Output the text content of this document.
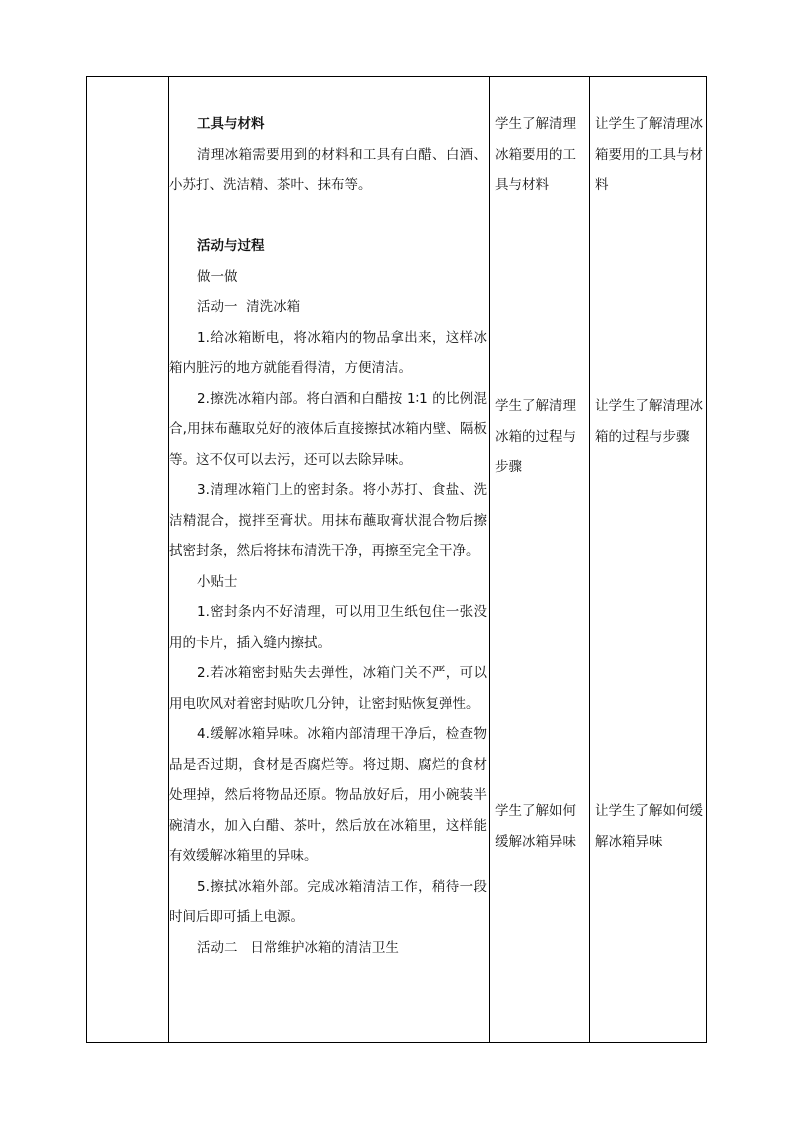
工具与材料

清理冰箱需要用到的材料和工具有白醋、白酒、小苏打、洗洁精、茶叶、抹布等。

活动与过程

做一做

活动一  清洗冰箱

1.给冰箱断电，将冰箱内的物品拿出来，这样冰箱内脏污的地方就能看得清，方便清洁。

2.擦洗冰箱内部。将白酒和白醋按 1∶1 的比例混合,用抹布蘸取兑好的液体后直接擦拭冰箱内壁、隔板等。这不仅可以去污，还可以去除异味。

3.清理冰箱门上的密封条。将小苏打、食盐、洗洁精混合，搅拌至膏状。用抹布蘸取膏状混合物后擦拭密封条，然后将抹布清洗干净，再擦至完全干净。

小贴士

1.密封条内不好清理，可以用卫生纸包住一张没用的卡片，插入缝内擦拭。

2.若冰箱密封贴失去弹性，冰箱门关不严，可以用电吹风对着密封贴吹几分钟，让密封贴恢复弹性。

4.缓解冰箱异味。冰箱内部清理干净后，检查物品是否过期，食材是否腐烂等。将过期、腐烂的食材处理掉，然后将物品还原。物品放好后，用小碗装半碗清水，加入白醋、茶叶，然后放在冰箱里，这样能有效缓解冰箱里的异味。

5.擦拭冰箱外部。完成冰箱清洁工作，稍待一段时间后即可插上电源。

活动二   日常维护冰箱的清洁卫生

学生了解清理冰箱要用的工具与材料

学生了解清理冰箱的过程与步骤

学生了解如何缓解冰箱异味

让学生了解清理冰箱要用的工具与材料

让学生了解清理冰箱的过程与步骤

让学生了解如何缓解冰箱异味
